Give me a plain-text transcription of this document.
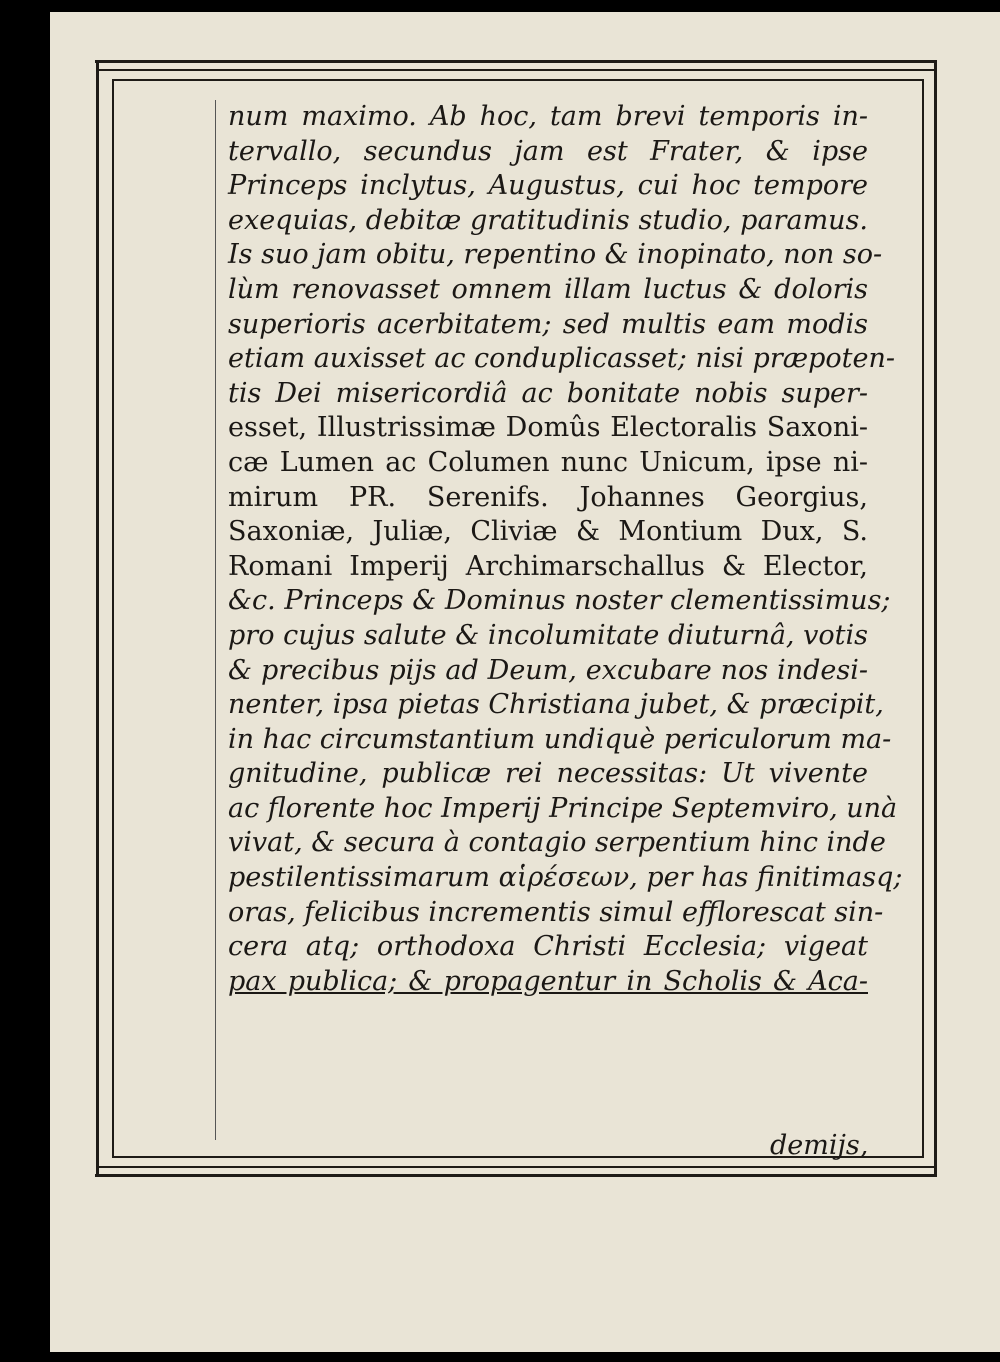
num maximo. Ab hoc, tam brevi temporis in-
tervallo, secundus jam est Frater, & ipse
Princeps inclytus, Augustus, cui hoc tempore
exequias, debitæ gratitudinis studio, paramus.
Is suo jam obitu, repentino & inopinato, non so-
lùm renovasset omnem illam luctus & doloris
superioris acerbitatem; sed multis eam modis
etiam auxisset ac conduplicasset; nisi præpoten-
tis Dei misericordiâ ac bonitate nobis super-
esset, Illustrissimæ Domûs Electoralis Saxoni-
cæ Lumen ac Columen nunc Unicum, ipse ni-
mirum PR. Serenifs. Johannes Georgius,
Saxoniæ, Juliæ, Cliviæ & Montium Dux, S.
Romani Imperij Archimarschallus & Elector,
&c. Princeps & Dominus noster clementissimus;
pro cujus salute & incolumitate diuturnâ, votis
& precibus pijs ad Deum, excubare nos indesi-
nenter, ipsa pietas Christiana jubet, & præcipit,
in hac circumstantium undiquè periculorum ma-
gnitudine, publicæ rei necessitas: Ut vivente
ac florente hoc Imperij Principe Septemviro, unà
vivat, & secura à contagio serpentium hinc inde
pestilentissimarum αἱρέσεων, per has finitimasq;
oras, felicibus incrementis simul efflorescat sin-
cera atq; orthodoxa Christi Ecclesia; vigeat
pax publica; & propagentur in Scholis & Aca-
demijs,
